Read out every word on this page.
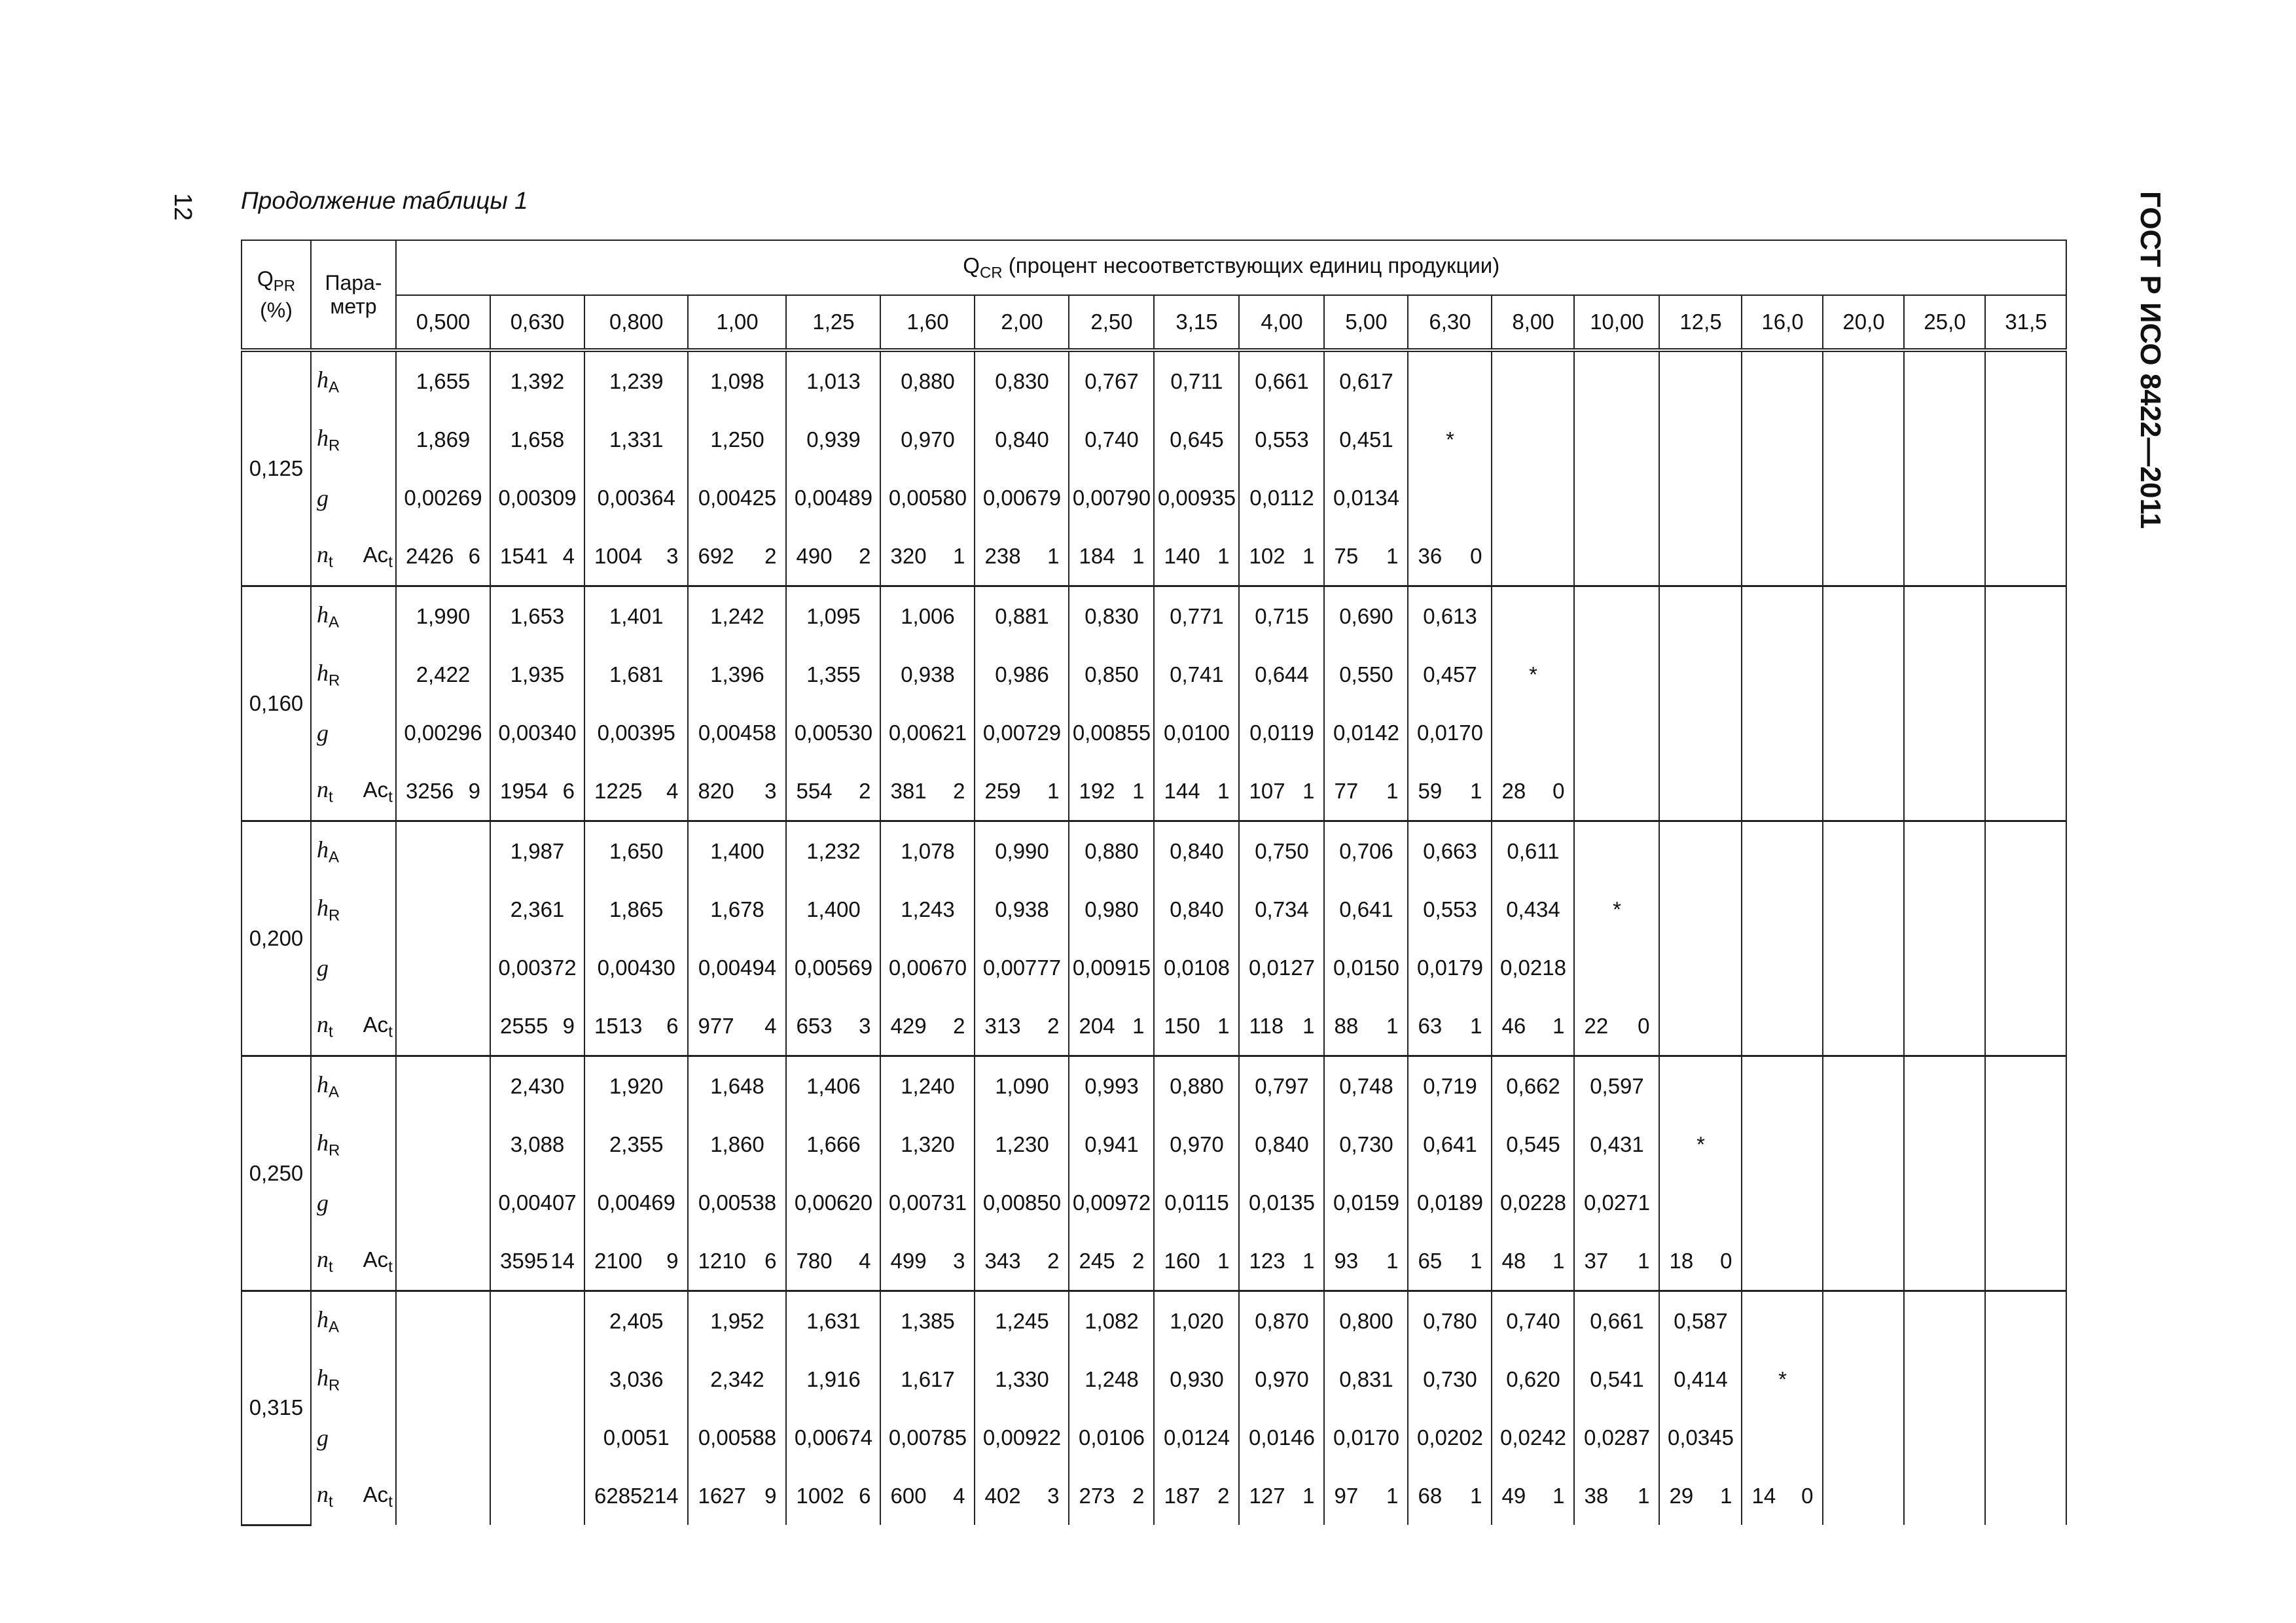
12 Продолжение таблицы 1	ГОСТ Р ИСО 8422—2011
$Q_{PR}$
(%)	Пара-
метр	$Q_{CR}$ (процент несоответствующих единиц продукции)																		
		0,500	0,630	0,800	1,00	1,25	1,60	2,00	2,50	3,15	4,00	5,00	6,30	8,00	10,00	12,5	16,0	20,0	25,0	31,5
0,125	$h_A$	1,655	1,392	1,239	1,098	1,013	0,880	0,830	0,767	0,711	0,661	0,617								
	$h_R$	1,869	1,658	1,331	1,250	0,939	0,970	0,840	0,740	0,645	0,553	0,451	*							
	g	0,00269	0,00309	0,00364	0,00425	0,00489	0,00580	0,00679	0,00790	0,00935	0,0112	0,0134								
	$n_t$ $Ac_t$	2426 6	1541 4	1004 3	692 2	490 2	320 1	238 1	184 1	140 1	102 1	75 1	36 0							

0,160	$h_A$	1,990	1,653	1,401	1,242	1,095	1,006	0,881	0,830	0,771	0,715	0,690	0,613							
	$h_R$	2,422	1,935	1,681	1,396	1,355	0,938	0,986	0,850	0,741	0,644	0,550	0,457	*						
	g	0,00296	0,00340	0,00395	0,00458	0,00530	0,00621	0,00729	0,00855	0,0100	0,0119	0,0142	0,0170							
	$n_t$ $Ac_t$	3256 9	1954 6	1225 4	820 3	554 2	381 2	259 1	192 1	144 1	107 1	77 1	59 1	28 0						

0,200	$h_A$		1,987	1,650	1,400	1,232	1,078	0,990	0,880	0,840	0,750	0,706	0,663	0,611						
	$h_R$		2,361	1,865	1,678	1,400	1,243	0,938	0,980	0,840	0,734	0,641	0,553	0,434	*					
	g		0,00372	0,00430	0,00494	0,00569	0,00670	0,00777	0,00915	0,0108	0,0127	0,0150	0,0179	0,0218						
	$n_t$ $Ac_t$		2555 9	1513 6	977 4	653 3	429 2	313 2	204 1	150 1	118 1	88 1	63 1	46 1	22 0					

0,250	$h_A$		2,430	1,920	1,648	1,406	1,240	1,090	0,993	0,880	0,797	0,748	0,719	0,662	0,597					
	$h_R$		3,088	2,355	1,860	1,666	1,320	1,230	0,941	0,970	0,840	0,730	0,641	0,545	0,431	*				
	g		0,00407	0,00469	0,00538	0,00620	0,00731	0,00850	0,00972	0,0115	0,0135	0,0159	0,0189	0,0228	0,0271					
	$n_t$ $Ac_t$		3595 14	2100 9	1210 6	780 4	499 3	343 2	245 2	160 1	123 1	93 1	65 1	48 1	37 1	18 0				

0,315	$h_A$			2,405	1,952	1,631	1,385	1,245	1,082	1,020	0,870	0,800	0,780	0,740	0,661	0,587				
	$h_R$			3,036	2,342	1,916	1,617	1,330	1,248	0,930	0,970	0,831	0,730	0,620	0,541	0,414	*			
	g			0,0051	0,00588	0,00674	0,00785	0,00922	0,0106	0,0124	0,0146	0,0170	0,0202	0,0242	0,0287	0,0345				
	$n_t$ $Ac_t$			62852 14	1627 9	1002 6	600 4	402 3	273 2	187 2	127 1	97 1	68 1	49 1	38 1	29 1	14 0			
